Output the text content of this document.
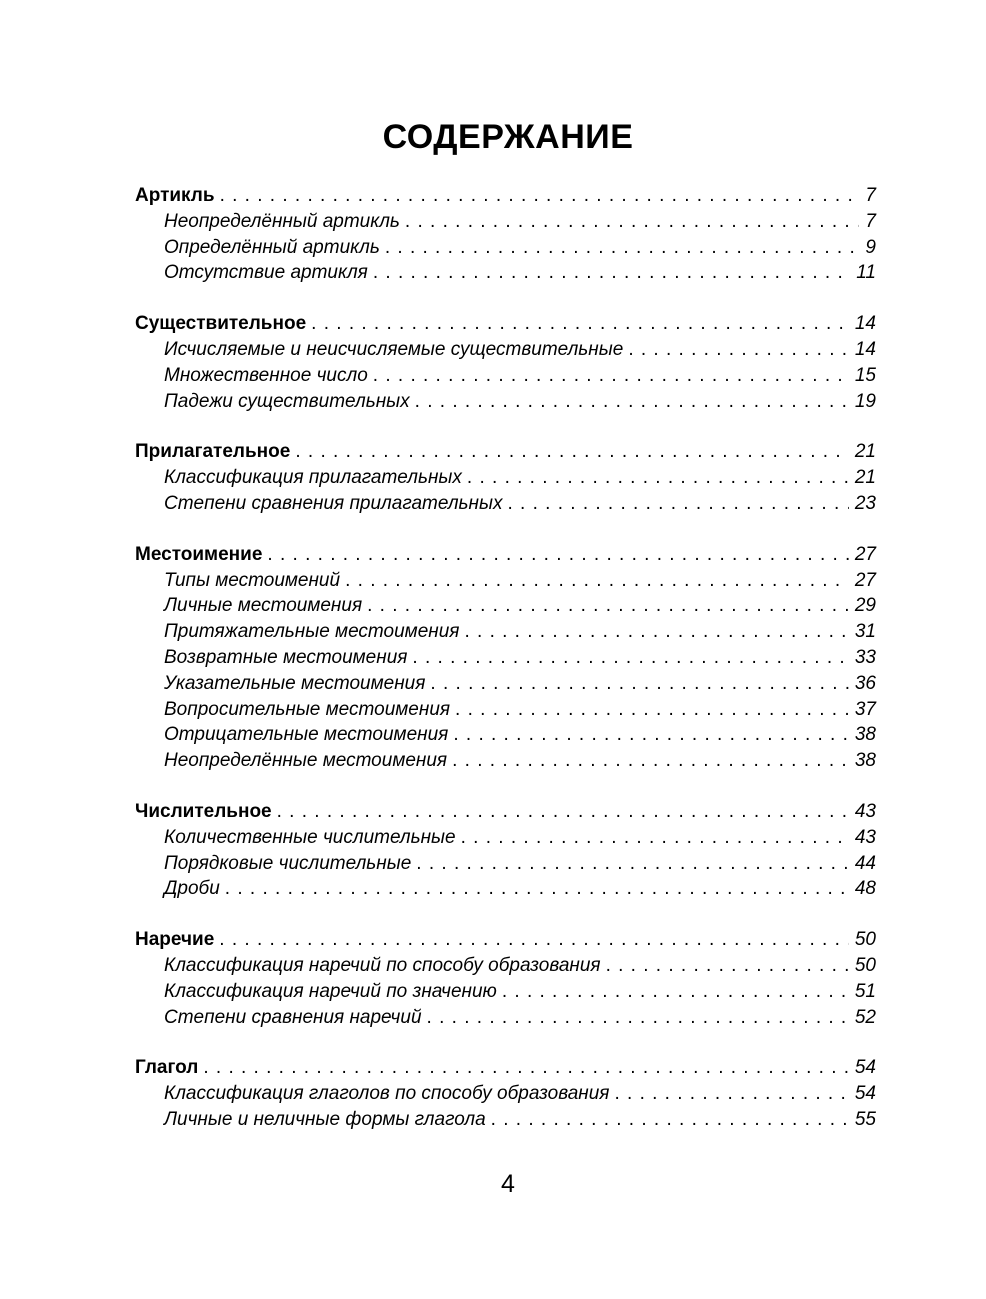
СОДЕРЖАНИЕ
Артикль . . .	7
Неопределённый артикль . . .	7
Определённый артикль . . .	9
Отсутствие артикля . . .	11
Существительное . . .	14
Исчисляемые и неисчисляемые существительные . . .	14
Множественное число . . .	15
Падежи существительных . . .	19
Прилагательное . . .	21
Классификация прилагательных . . .	21
Степени сравнения прилагательных . . .	23
Местоимение . . .	27
Типы местоимений . . .	27
Личные местоимения . . .	29
Притяжательные местоимения . . .	31
Возвратные местоимения . . .	33
Указательные местоимения . . .	36
Вопросительные местоимения . . .	37
Отрицательные местоимения . . .	38
Неопределённые местоимения . . .	38
Числительное . . .	43
Количественные числительные . . .	43
Порядковые числительные . . .	44
Дроби . . .	48
Наречие . . .	50
Классификация наречий по способу образования . . .	50
Классификация наречий по значению . . .	51
Степени сравнения наречий . . .	52
Глагол . . .	54
Классификация глаголов по способу образования . . .	54
Личные и неличные формы глагола . . .	55
4
